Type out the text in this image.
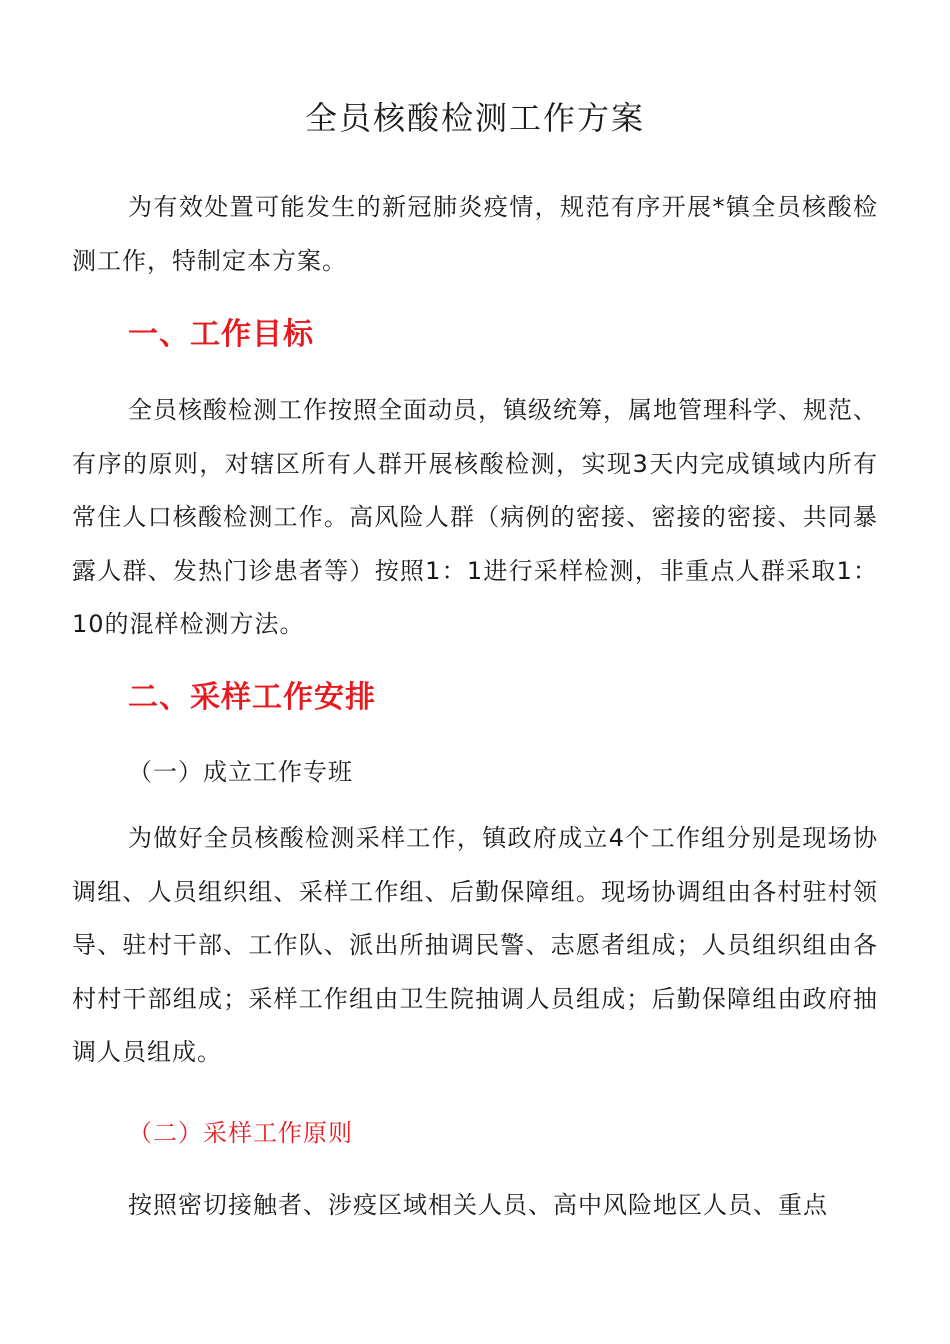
全员核酸检测工作方案
为有效处置可能发生的新冠肺炎疫情，规范有序开展*镇全员核酸检测工作，特制定本方案。
一、工作目标
全员核酸检测工作按照全面动员，镇级统筹，属地管理科学、规范、有序的原则，对辖区所有人群开展核酸检测，实现3天内完成镇域内所有常住人口核酸检测工作。高风险人群（病例的密接、密接的密接、共同暴露人群、发热门诊患者等）按照1：1进行采样检测，非重点人群采取1：10的混样检测方法。
二、采样工作安排
（一）成立工作专班
为做好全员核酸检测采样工作，镇政府成立4个工作组分别是现场协调组、人员组织组、采样工作组、后勤保障组。现场协调组由各村驻村领导、驻村干部、工作队、派出所抽调民警、志愿者组成；人员组织组由各村村干部组成；采样工作组由卫生院抽调人员组成；后勤保障组由政府抽调人员组成。
（二）采样工作原则
按照密切接触者、涉疫区域相关人员、高中风险地区人员、重点
